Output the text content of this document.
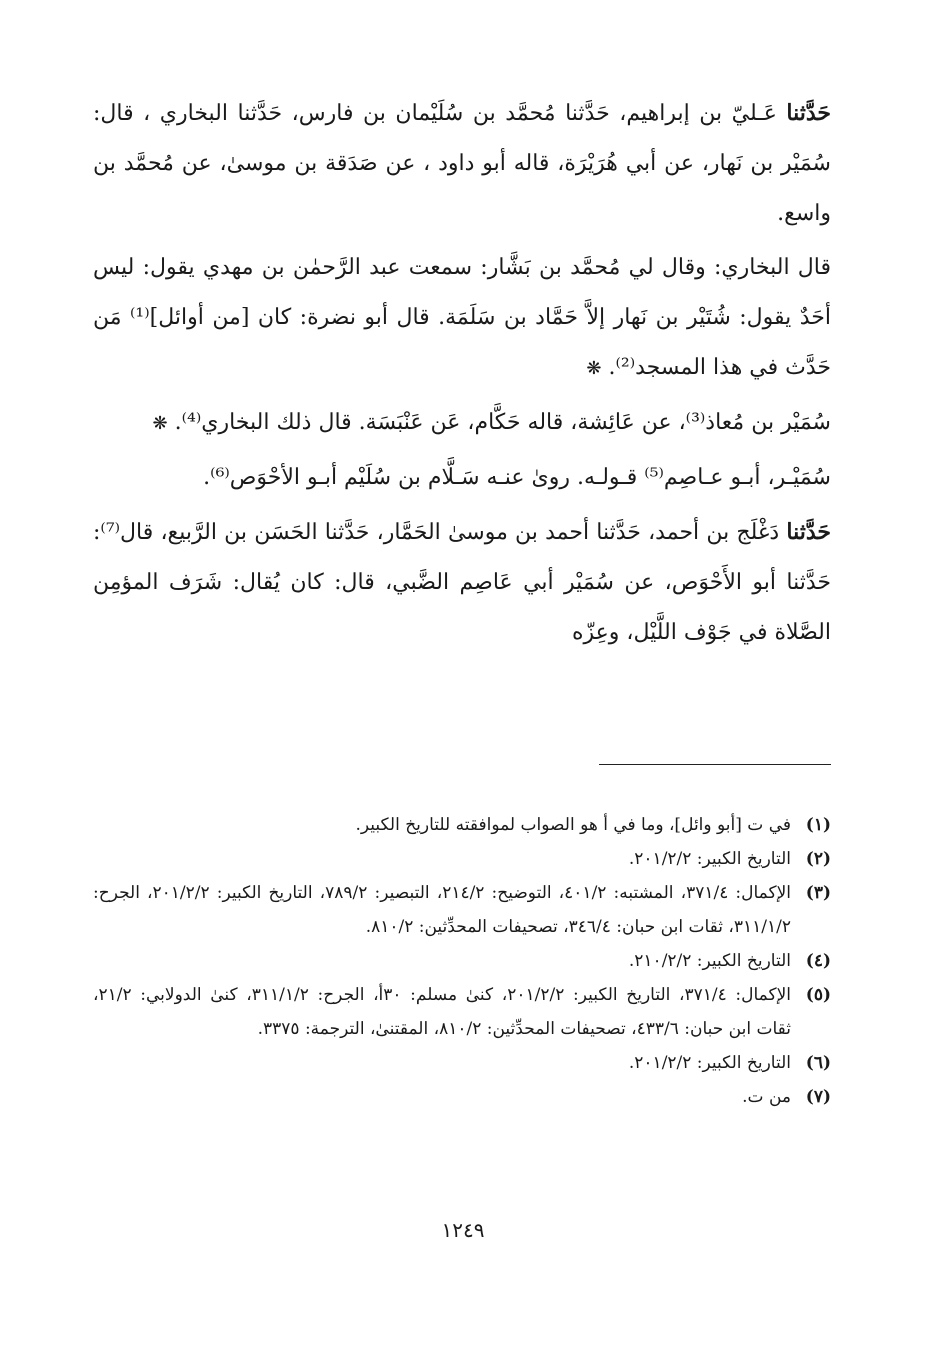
حَدَّثنا عَـليّ بن إبراهيم، حَدَّثنا مُحمَّد بن سُلَيْمان بن فارس، حَدَّثنا البخاري ، قال: سُمَيْر بن نَهار، عن أبي هُرَيْرَة، قاله أبو داود ، عن صَدَقة بن موسىٰ، عن مُحمَّد بن واسع.

قال البخاري: وقال لي مُحمَّد بن بَشَّار: سمعت عبد الرَّحمٰن بن مهدي يقول: ليس أحَدٌ يقول: شُتَيْر بن نَهار إلاَّ حَمَّاد بن سَلَمَة. قال أبو نضرة: كان [من أوائل]⁽¹⁾ مَن حَدَّث في هذا المسجد⁽²⁾. ❋

سُمَيْر بن مُعاذ⁽³⁾، عن عَائِشة، قاله حَكَّام، عَن عَنْبَسَة. قال ذلك البخاري⁽⁴⁾. ❋

سُمَيْـر، أبـو عـاصِم⁽⁵⁾ قـولـه. روىٰ عنـه سَـلَّام بن سُلَيْم أبـو الأحْوَص⁽⁶⁾.

حَدَّثنا دَغْلَج بن أحمد، حَدَّثنا أحمد بن موسىٰ الحَمَّار، حَدَّثنا الحَسَن بن الرَّبيع، قال⁽⁷⁾: حَدَّثنا أبو الأَحْوَص، عن سُمَيْر أبي عَاصِم الضَّبي، قال: كان يُقال: شَرَف المؤمِن الصَّلاة في جَوْف اللَّيْل، وعِزّه

(١)
في ت [أبو وائل]، وما في أ هو الصواب لموافقته للتاريخ الكبير.

(٢)
التاريخ الكبير: ٢٠١/٢/٢.

(٣)
الإكمال: ٣٧١/٤، المشتبه: ٤٠١/٢، التوضيح: ٢١٤/٢، التبصير: ٧٨٩/٢، التاريخ الكبير: ٢٠١/٢/٢، الجرح: ٣١١/١/٢، ثقات ابن حبان: ٣٤٦/٤، تصحيفات المحدِّثين: ٨١٠/٢.

(٤)
التاريخ الكبير: ٢١٠/٢/٢.

(٥)
الإكمال: ٣٧١/٤، التاريخ الكبير: ٢٠١/٢/٢، كنىٰ مسلم: ٣٠أ، الجرح: ٣١١/١/٢، كنىٰ الدولابي: ٢١/٢، ثقات ابن حبان: ٤٣٣/٦، تصحيفات المحدِّثين: ٨١٠/٢، المقتنىٰ، الترجمة: ٣٣٧٥.

(٦)
التاريخ الكبير: ٢٠١/٢/٢.

(٧)
من ت.

١٢٤٩
